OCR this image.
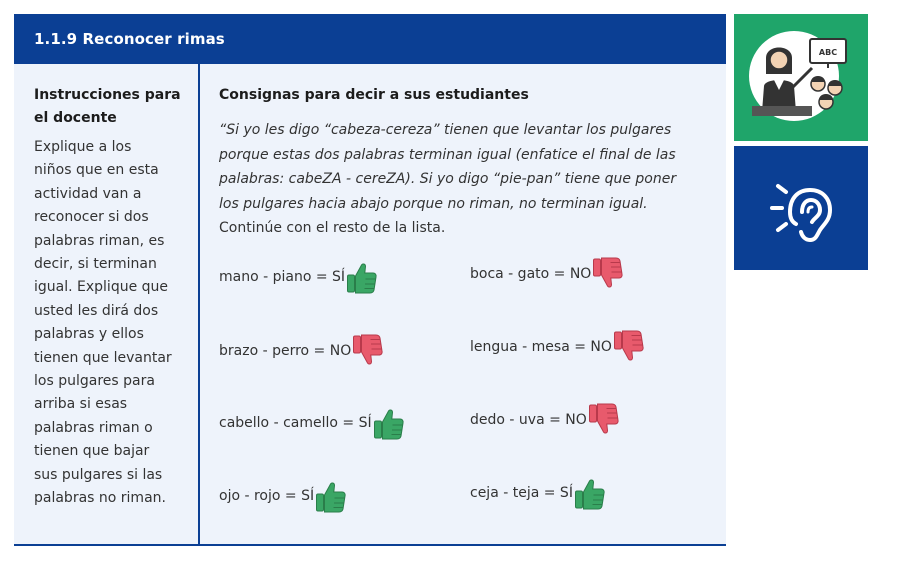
1.1.9 Reconocer rimas
Instrucciones para
el docente
Explique a los
niños que en esta
actividad van a
reconocer si dos
palabras riman, es
decir, si terminan
igual. Explique que
usted les dirá dos
palabras y ellos
tienen que levantar
los pulgares para
arriba si esas
palabras riman o
tienen que bajar
sus pulgares si las
palabras no riman.
Consignas para decir a sus estudiantes
“Si yo les digo “cabeza-cereza” tienen que levantar los pulgares
porque estas dos palabras terminan igual (enfatice el final de las
palabras: cabeZA - cereZA). Si yo digo “pie-pan” tiene que poner
los pulgares hacia abajo porque no riman, no terminan igual.
Continúe con el resto de la lista.
mano - piano = SÍ	boca - gato = NO
brazo - perro = NO	lengua - mesa = NO
cabello - camello = SÍ	dedo - uva = NO
ojo - rojo = SÍ	ceja - teja = SÍ
ABC
